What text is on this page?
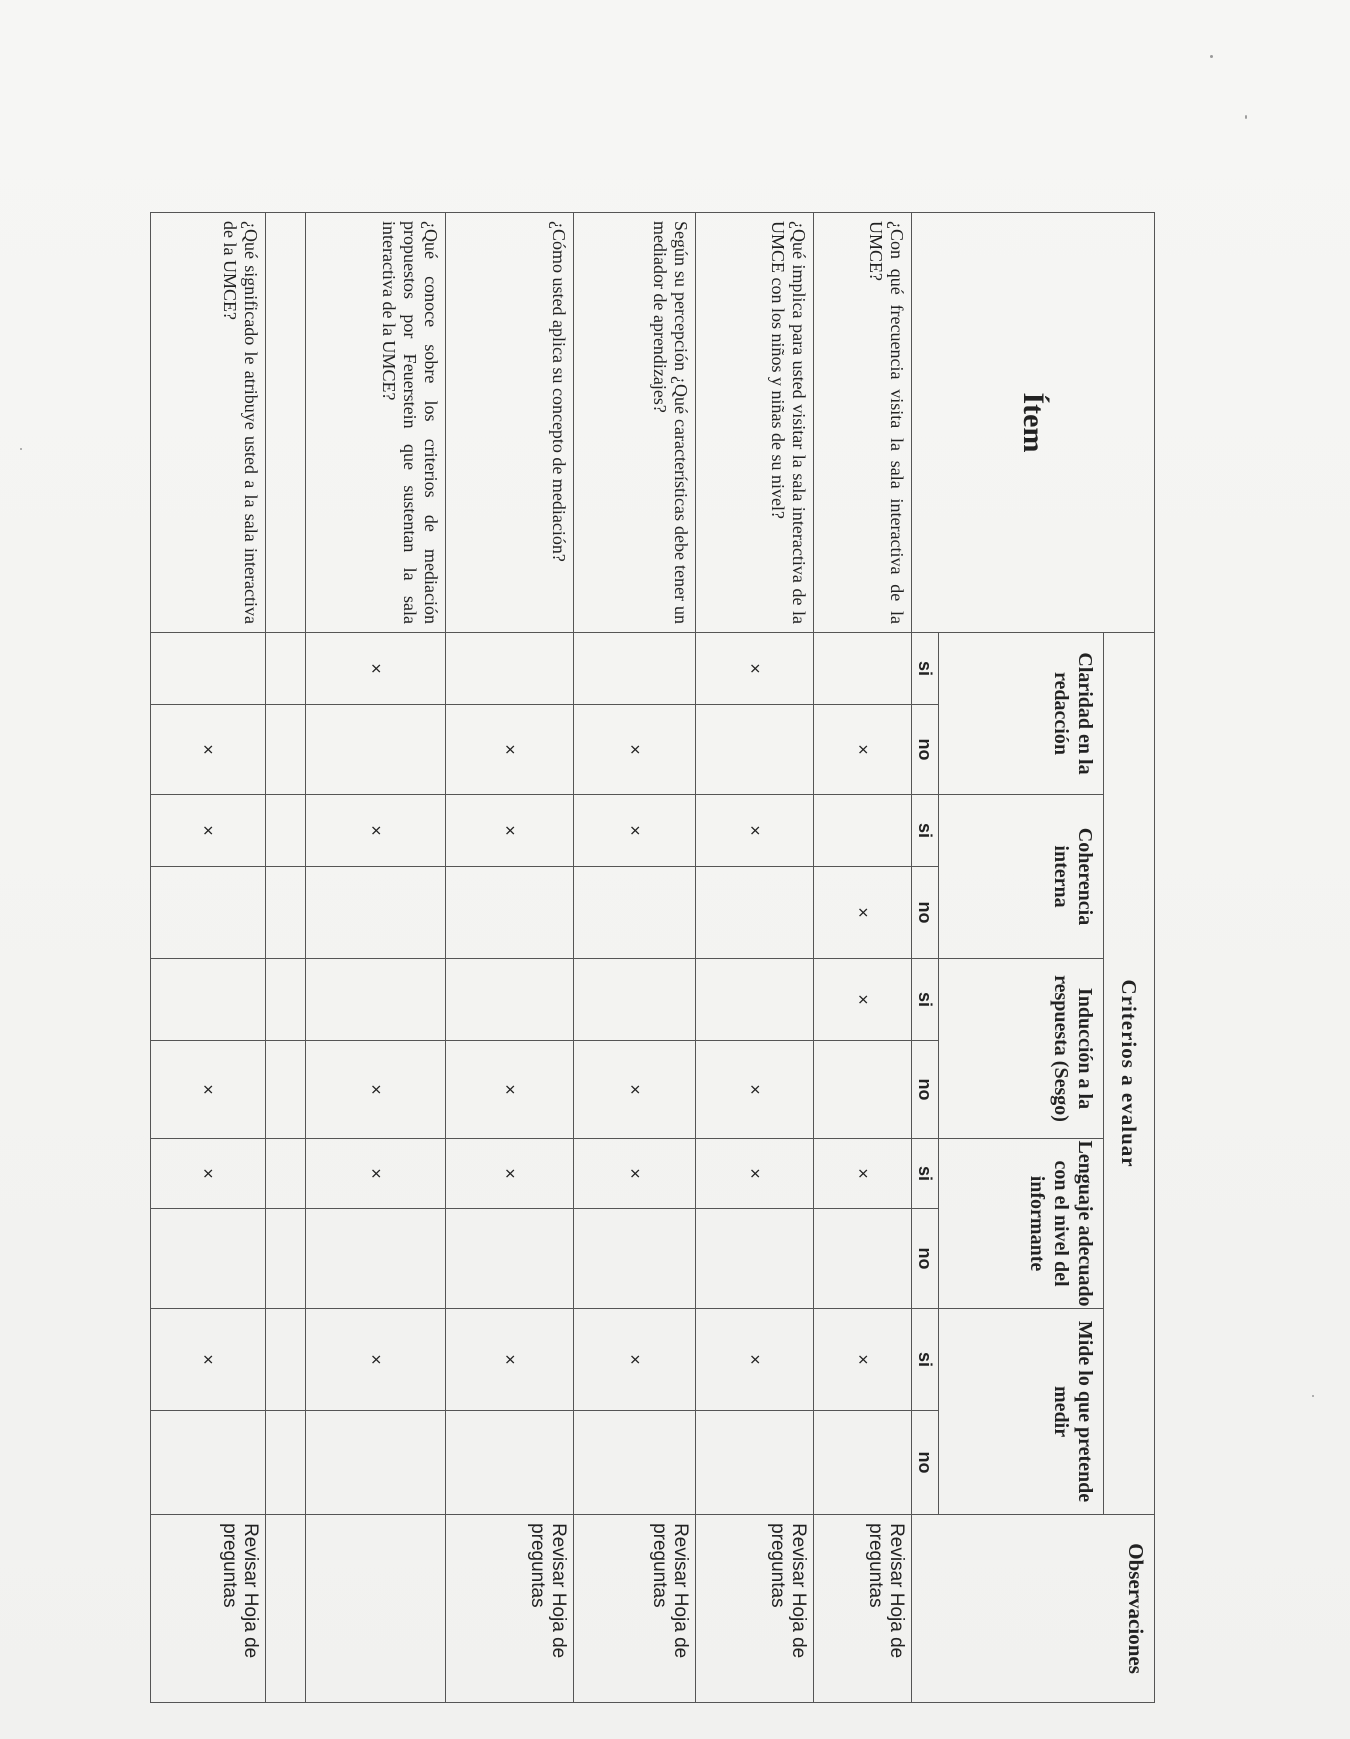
Ítem	Criterios a evaluar										Observaciones
	Claridad en la redacción		Coherencia interna		Inducción a la respuesta (Sesgo)		Lenguaje adecuado con el nivel del informante		Mide lo que pretende medir		
	si	no	si	no	si	no	si	no	si	no	
¿Con qué frecuencia visita la sala interactiva de la UMCE?		×		×	×		×		×		Revisar Hoja de preguntas
¿Qué implica para usted visitar la sala interactiva de la UMCE con los niños y niñas de su nivel?	×		×			×	×		×		Revisar Hoja de preguntas
Según su percepción ¿Qué características debe tener un mediador de aprendizajes?		×	×			×	×		×		Revisar Hoja de preguntas
¿Cómo usted aplica su concepto de mediación?		×	×			×	×		×		Revisar Hoja de preguntas
¿Qué conoce sobre los criterios de mediación propuestos por Feuerstein que sustentan la sala interactiva de la UMCE?	×		×			×	×		×		

¿Qué significado le atribuye usted a la sala interactiva de la UMCE?		×	×			×	×		×		Revisar Hoja de preguntas
